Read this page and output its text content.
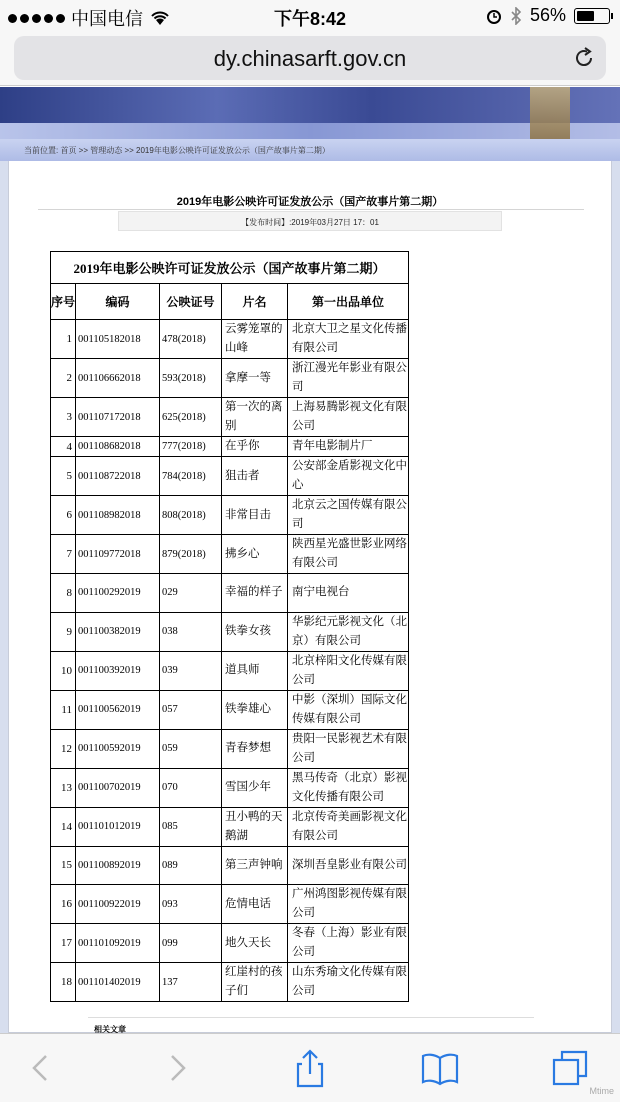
中国电信	下午8:42	56%
dy.chinasarft.gov.cn
当前位置: 首页 >> 管理动态 >> 2019年电影公映许可证发放公示（国产故事片第二期）
2019年电影公映许可证发放公示（国产故事片第二期）
【发布时间】:2019年03月27日 17：01
2019年电影公映许可证发放公示（国产故事片第二期）				
序号	编码	公映证号	片名	第一出品单位
1	001105182018	478(2018)	云雾笼罩的山峰	北京大卫之星文化传播有限公司
2	001106662018	593(2018)	拿摩一等	浙江漫光年影业有限公司
3	001107172018	625(2018)	第一次的离别	上海易腾影视文化有限公司
4	001108682018	777(2018)	在乎你	青年电影制片厂
5	001108722018	784(2018)	狙击者	公安部金盾影视文化中心
6	001108982018	808(2018)	非常目击	北京云之国传媒有限公司
7	001109772018	879(2018)	拂乡心	陕西星光盛世影业网络有限公司
8	001100292019	029	幸福的样子	南宁电视台
9	001100382019	038	铁拳女孩	华影纪元影视文化（北京）有限公司
10	001100392019	039	道具师	北京梓阳文化传媒有限公司
11	001100562019	057	铁拳雄心	中影（深圳）国际文化传媒有限公司
12	001100592019	059	青春梦想	贵阳一民影视艺术有限公司
13	001100702019	070	雪国少年	黑马传奇（北京）影视文化传播有限公司
14	001101012019	085	丑小鸭的天鹅湖	北京传奇美画影视文化有限公司
15	001100892019	089	第三声钟响	深圳吾皇影业有限公司
16	001100922019	093	危情电话	广州鸿图影视传媒有限公司
17	001101092019	099	地久天长	冬春（上海）影业有限公司
18	001101402019	137	红崖村的孩子们	山东秀瑜文化传媒有限公司
相关文章
Mtime
